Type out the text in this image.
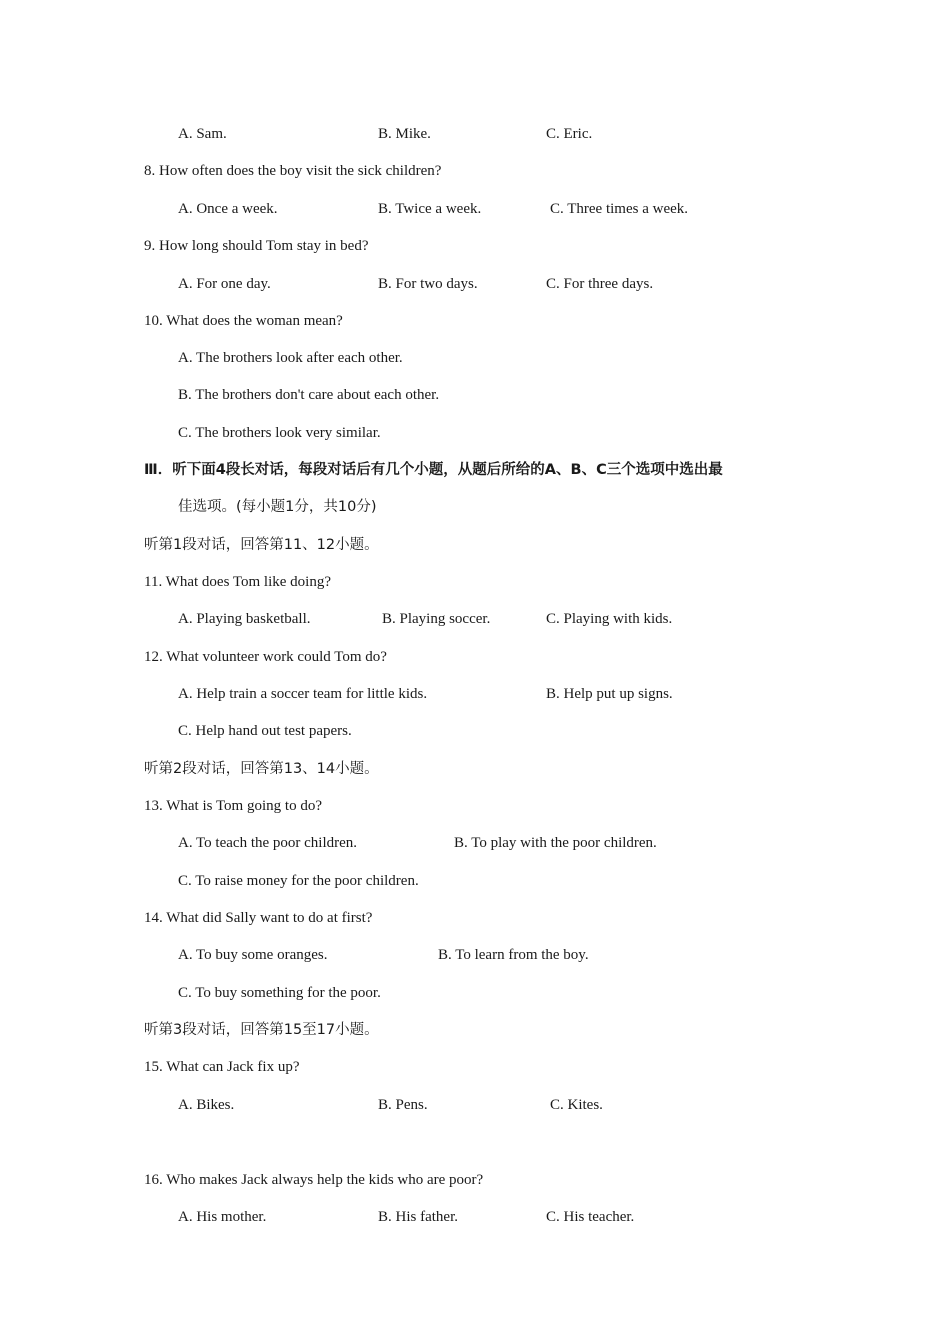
A. Sam.	B. Mike.	C. Eric.
8. How often does the boy visit the sick children?
A. Once a week.	B. Twice a week.	C. Three times a week.
9. How long should Tom stay in bed?
A. For one day.	B. For two days.	C. For three days.
10. What does the woman mean?
A. The brothers look after each other.
B. The brothers don't care about each other.
C. The brothers look very similar.
Ⅲ．听下面4段长对话，每段对话后有几个小题，从题后所给的A、B、C三个选项中选出最
佳选项。(每小题1分，共10分)
听第1段对话，回答第11、12小题。
11. What does Tom like doing?
A. Playing basketball.	B. Playing soccer.	C. Playing with kids.
12. What volunteer work could Tom do?
A. Help train a soccer team for little kids.	B. Help put up signs.
C. Help hand out test papers.
听第2段对话，回答第13、14小题。
13. What is Tom going to do?
A. To teach the poor children.	B. To play with the poor children.
C. To raise money for the poor children.
14. What did Sally want to do at first?
A. To buy some oranges.	B. To learn from the boy.
C. To buy something for the poor.
听第3段对话，回答第15至17小题。
15. What can Jack fix up?
A. Bikes.	B. Pens.	C. Kites.
16. Who makes Jack always help the kids who are poor?
A. His mother.	B. His father.	C. His teacher.
